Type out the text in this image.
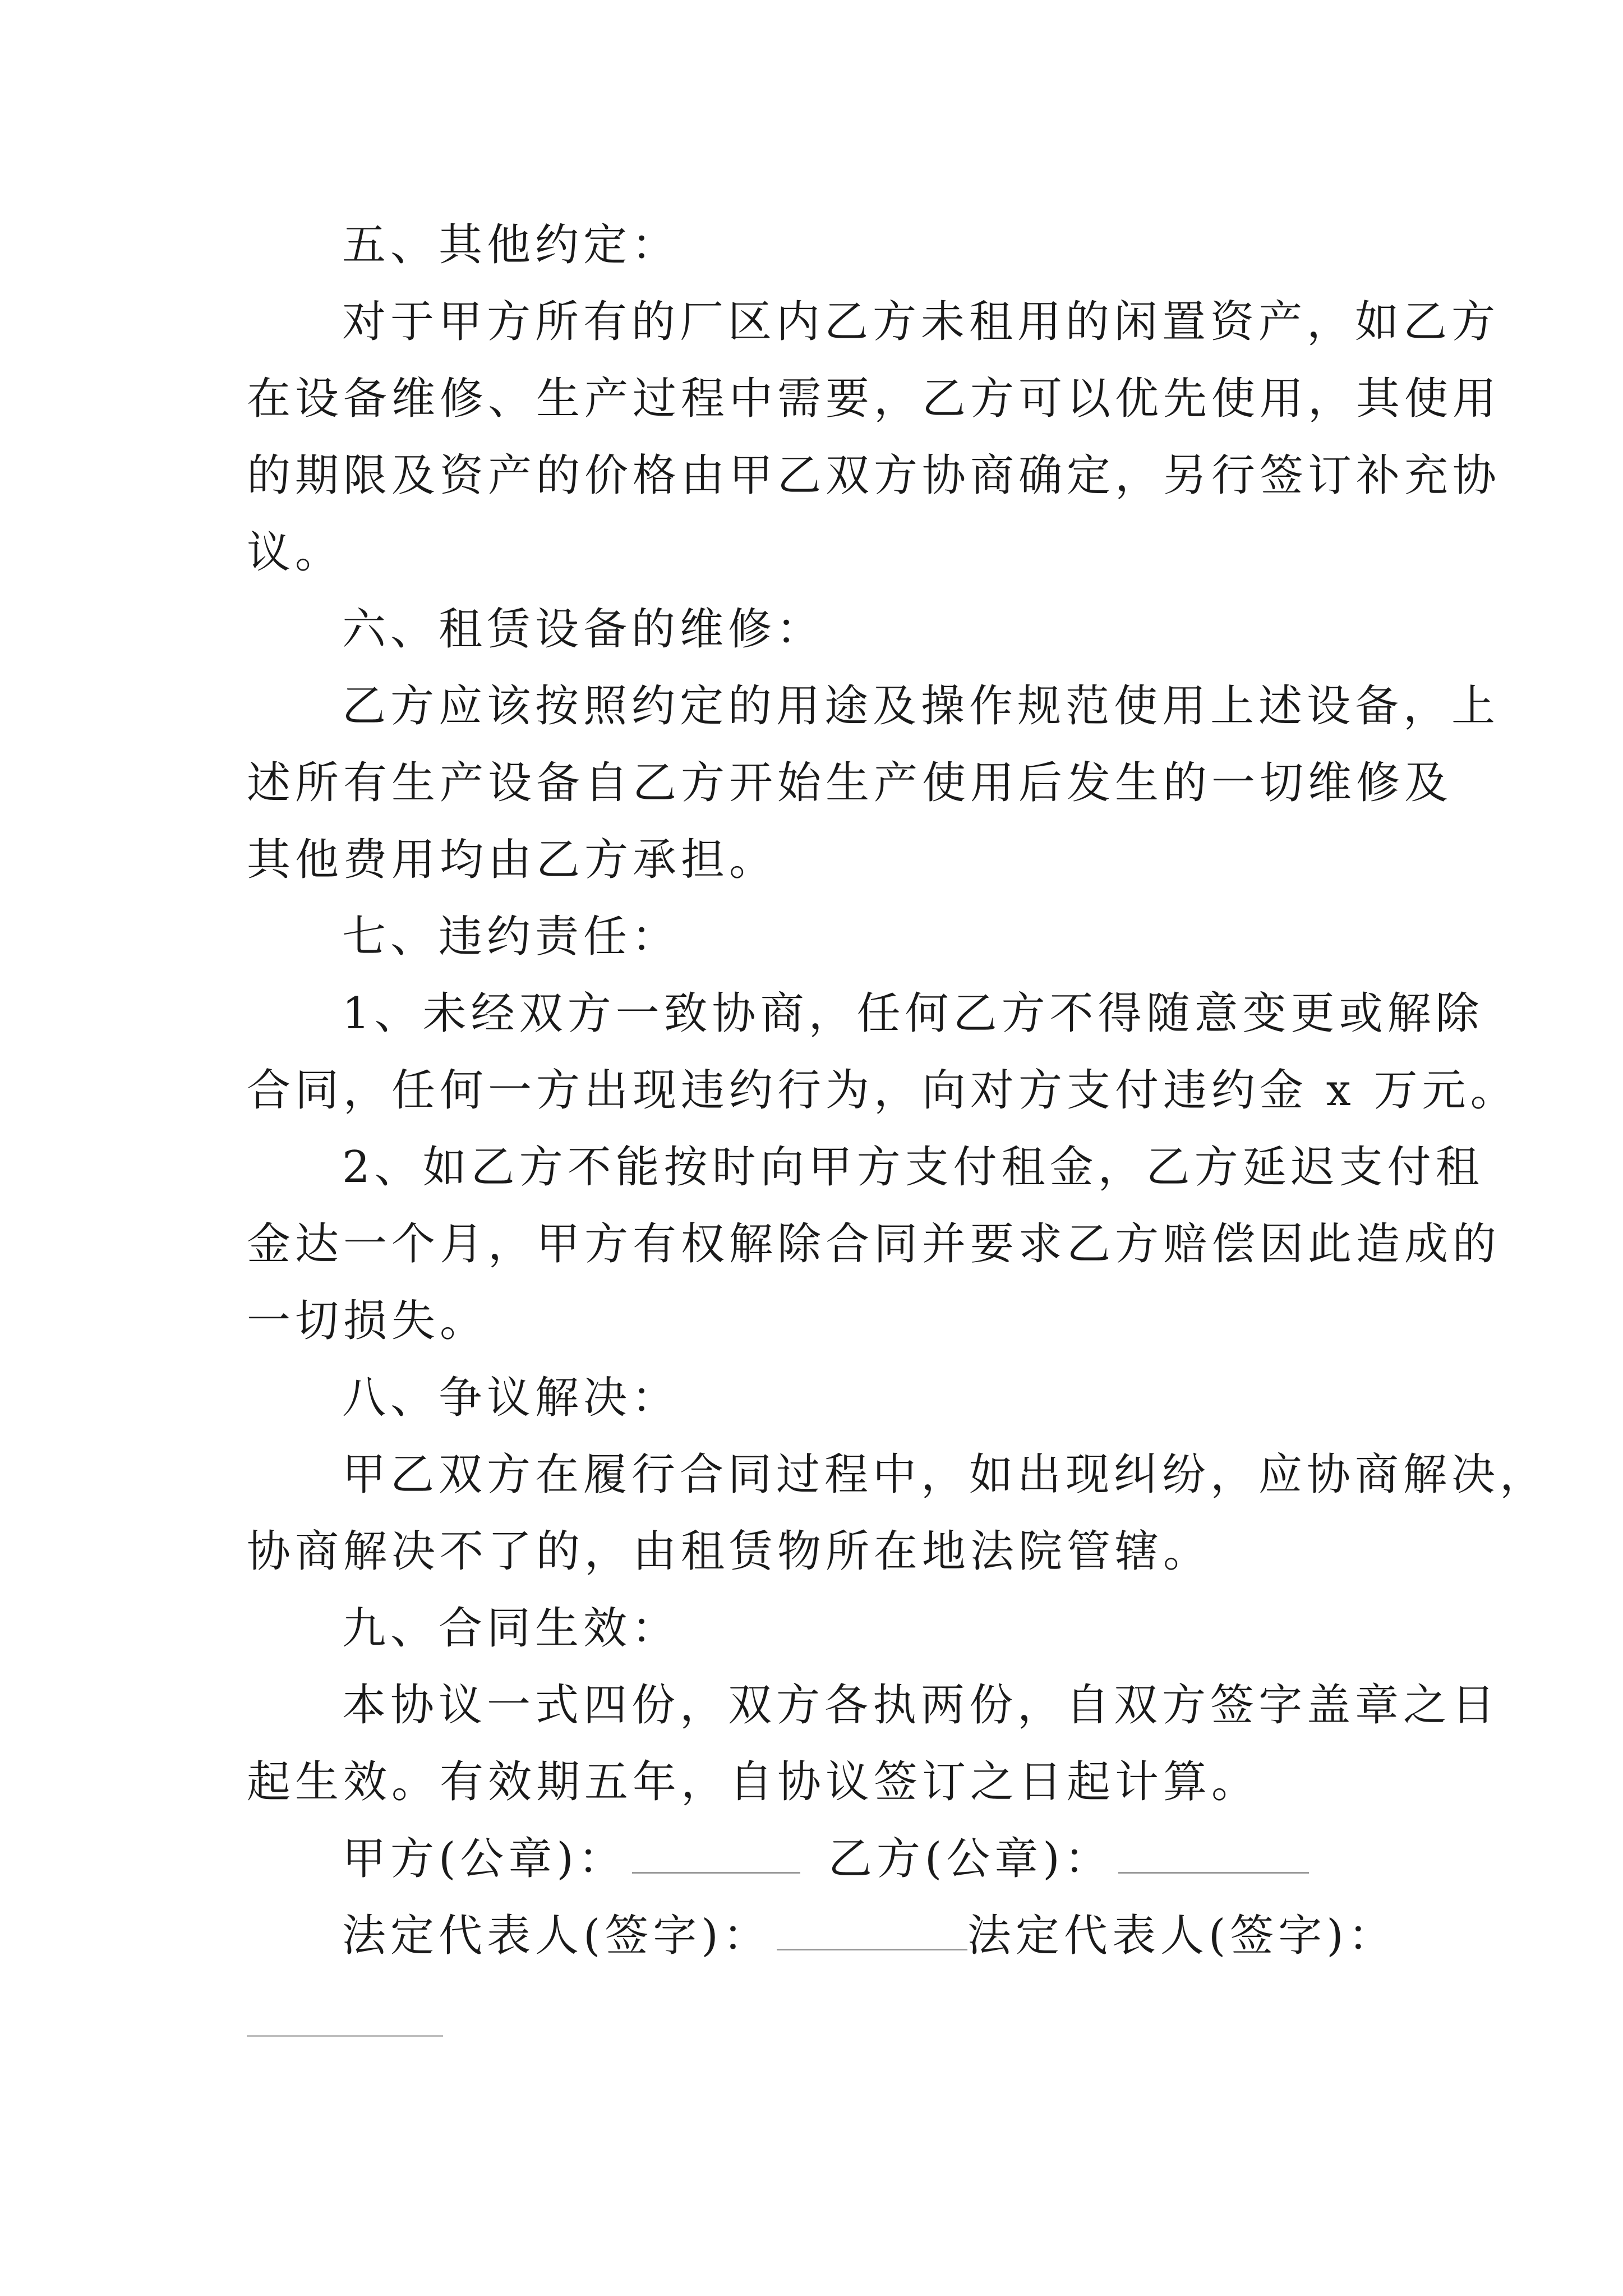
五、其他约定：
对于甲方所有的厂区内乙方未租用的闲置资产，如乙方
在设备维修、生产过程中需要，乙方可以优先使用，其使用
的期限及资产的价格由甲乙双方协商确定，另行签订补充协
议。
六、租赁设备的维修：
乙方应该按照约定的用途及操作规范使用上述设备，上
述所有生产设备自乙方开始生产使用后发生的一切维修及
其他费用均由乙方承担。
七、违约责任：
1、未经双方一致协商，任何乙方不得随意变更或解除
合同，任何一方出现违约行为，向对方支付违约金 x 万元。
2、如乙方不能按时向甲方支付租金，乙方延迟支付租
金达一个月，甲方有权解除合同并要求乙方赔偿因此造成的
一切损失。
八、争议解决：
甲乙双方在履行合同过程中，如出现纠纷，应协商解决，
协商解决不了的，由租赁物所在地法院管辖。
九、合同生效：
本协议一式四份，双方各执两份，自双方签字盖章之日
起生效。有效期五年，自协议签订之日起计算。
甲方(公章)：	乙方(公章)：
法定代表人(签字)：	法定代表人(签字)：
